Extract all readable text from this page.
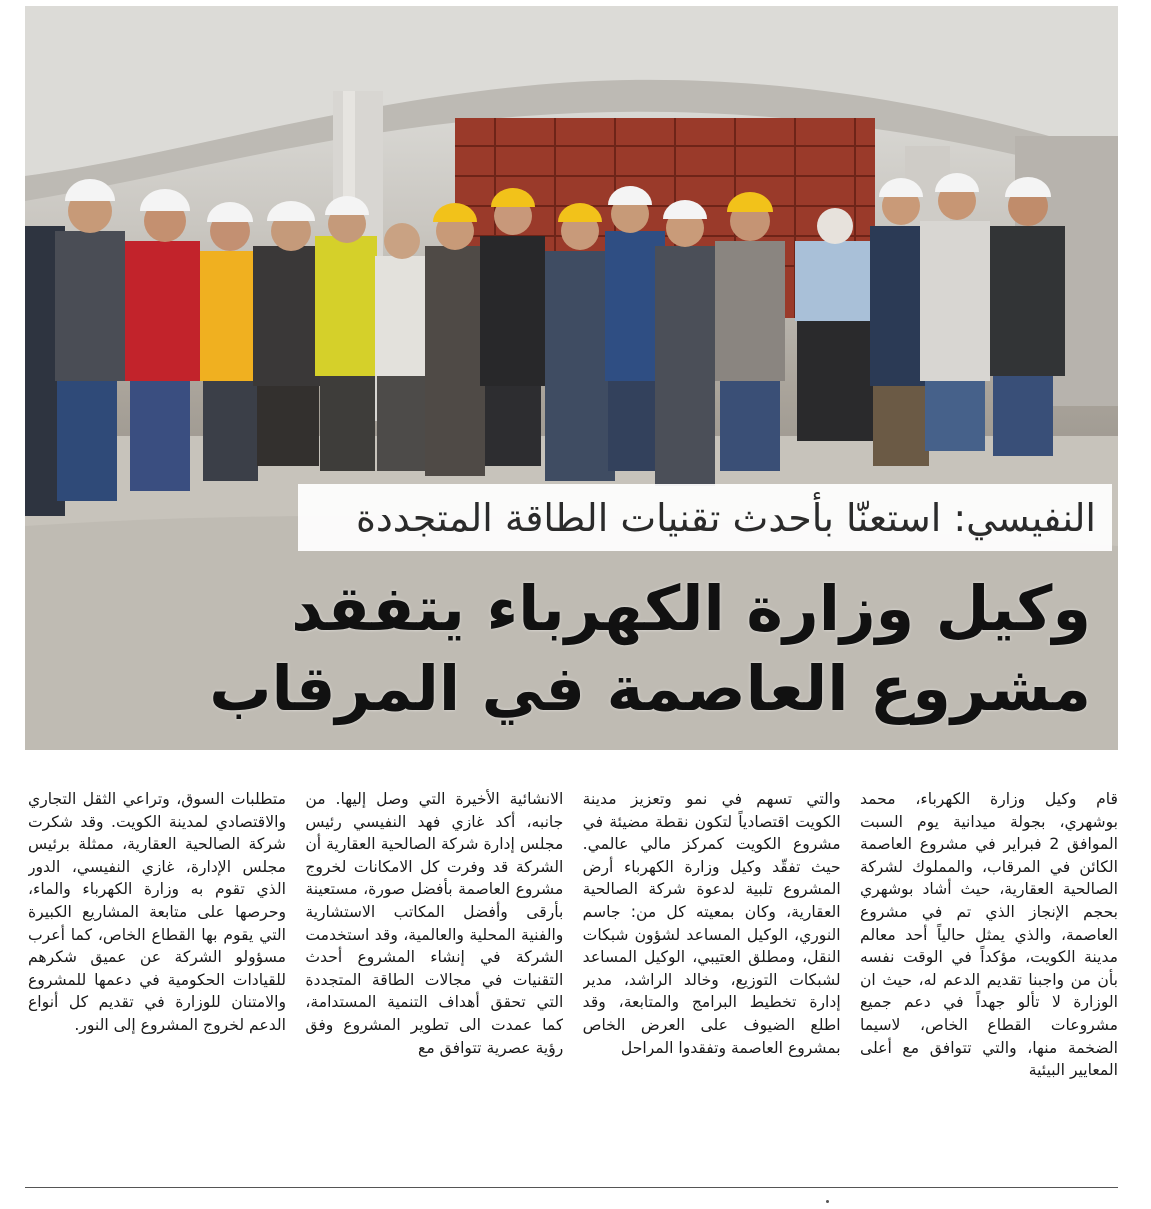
النفيسي: استعنّا بأحدث تقنيات الطاقة المتجددة
وكيل وزارة الكهرباء يتفقد
مشروع العاصمة في المرقاب
قام وكيل وزارة الكهرباء، محمد بوشهري، بجولة ميدانية يوم السبت الموافق 2 فبراير في مشروع العاصمة الكائن في المرقاب، والمملوك لشركة الصالحية العقارية، حيث أشاد بوشهري بحجم الإنجاز الذي تم في مشروع العاصمة، والذي يمثل حالياً أحد معالم مدينة الكويت، مؤكداً في الوقت نفسه بأن من واجبنا تقديم الدعم له، حيث ان الوزارة لا تألو جهداً في دعم جميع مشروعات القطاع الخاص، لاسيما الضخمة منها، والتي تتوافق مع أعلى المعايير البيئية
والتي تسهم في نمو وتعزيز مدينة الكويت اقتصادياً لتكون نقطة مضيئة في مشروع الكويت كمركز مالي عالمي. حيث تفقّد وكيل وزارة الكهرباء أرض المشروع تلبية لدعوة شركة الصالحية العقارية، وكان بمعيته كل من: جاسم النوري، الوكيل المساعد لشؤون شبكات النقل، ومطلق العتيبي، الوكيل المساعد لشبكات التوزيع، وخالد الراشد، مدير إدارة تخطيط البرامج والمتابعة، وقد اطلع الضيوف على العرض الخاص بمشروع العاصمة وتفقدوا المراحل
الانشائية الأخيرة التي وصل إليها. من جانبه، أكد غازي فهد النفيسي رئيس مجلس إدارة شركة الصالحية العقارية أن الشركة قد وفرت كل الامكانات لخروج مشروع العاصمة بأفضل صورة، مستعينة بأرقى وأفضل المكاتب الاستشارية والفنية المحلية والعالمية، وقد استخدمت الشركة في إنشاء المشروع أحدث التقنيات في مجالات الطاقة المتجددة التي تحقق أهداف التنمية المستدامة، كما عمدت الى تطوير المشروع وفق رؤية عصرية تتوافق مع
متطلبات السوق، وتراعي الثقل التجاري والاقتصادي لمدينة الكويت. وقد شكرت شركة الصالحية العقارية، ممثلة برئيس مجلس الإدارة، غازي النفيسي، الدور الذي تقوم به وزارة الكهرباء والماء، وحرصها على متابعة المشاريع الكبيرة التي يقوم بها القطاع الخاص، كما أعرب مسؤولو الشركة عن عميق شكرهم للقيادات الحكومية في دعمها للمشروع والامتنان للوزارة في تقديم كل أنواع الدعم لخروج المشروع إلى النور.
